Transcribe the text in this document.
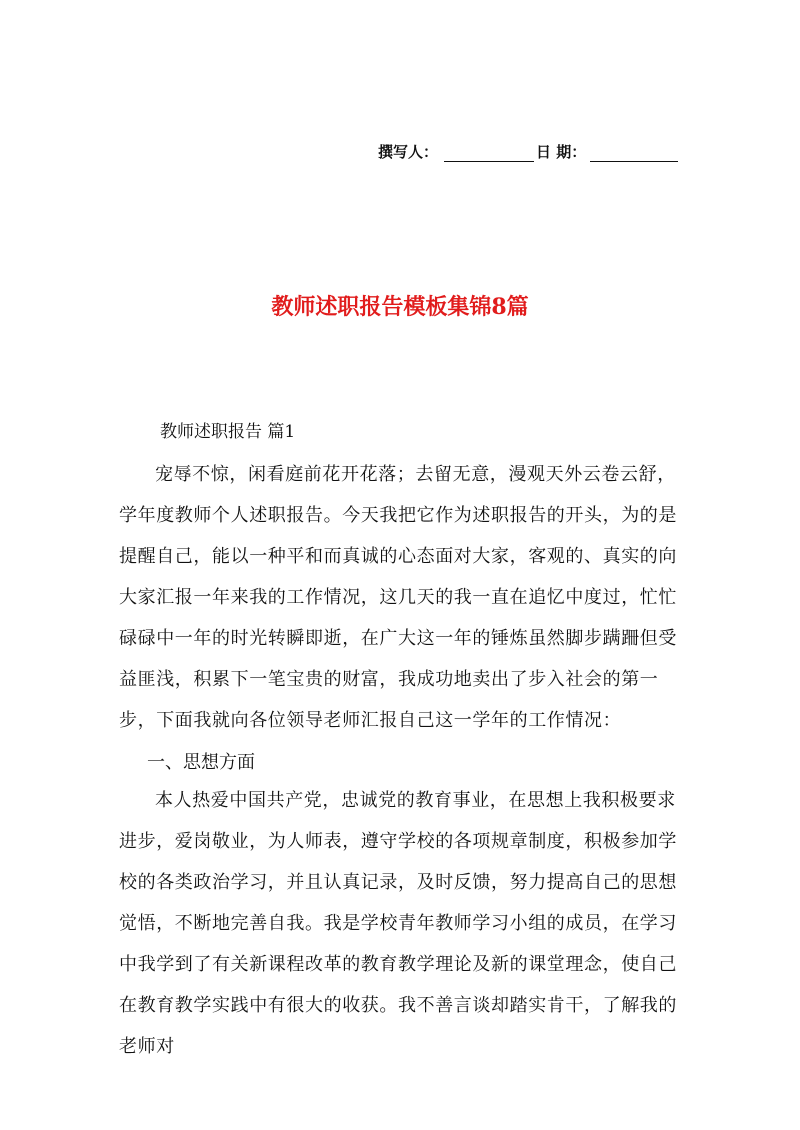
撰写人：	日 期：
教师述职报告模板集锦8篇
教师述职报告 篇1

宠辱不惊，闲看庭前花开花落；去留无意，漫观天外云卷云舒，学年度教师个人述职报告。今天我把它作为述职报告的开头，为的是提醒自己，能以一种平和而真诚的心态面对大家，客观的、真实的向大家汇报一年来我的工作情况，这几天的我一直在追忆中度过，忙忙碌碌中一年的时光转瞬即逝，在广大这一年的锤炼虽然脚步蹒跚但受益匪浅，积累下一笔宝贵的财富，我成功地卖出了步入社会的第一步，下面我就向各位领导老师汇报自己这一学年的工作情况：

一、思想方面

本人热爱中国共产党，忠诚党的教育事业，在思想上我积极要求进步，爱岗敬业，为人师表，遵守学校的各项规章制度，积极参加学校的各类政治学习，并且认真记录，及时反馈，努力提高自己的思想觉悟，不断地完善自我。我是学校青年教师学习小组的成员，在学习中我学到了有关新课程改革的教育教学理论及新的课堂理念，使自己在教育教学实践中有很大的收获。我不善言谈却踏实肯干，了解我的老师对
